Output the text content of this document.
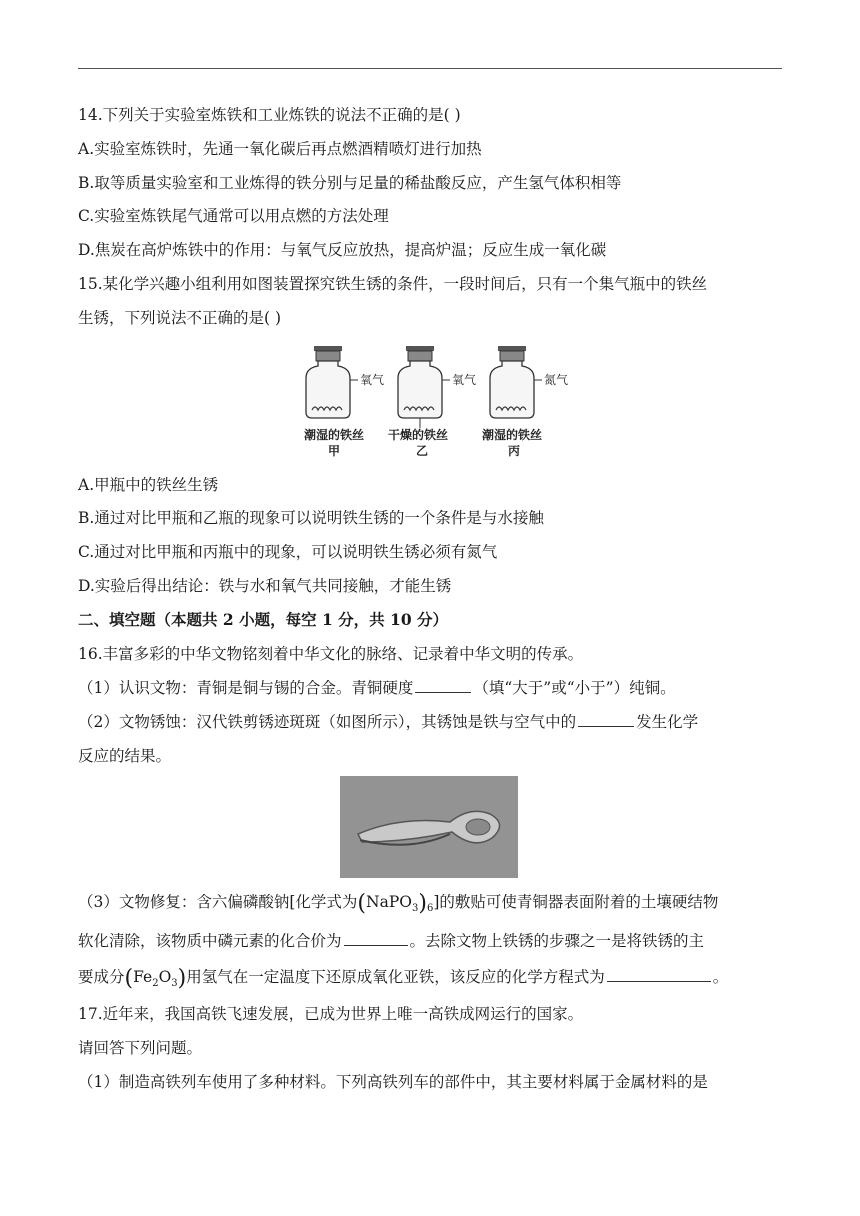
14.下列关于实验室炼铁和工业炼铁的说法不正确的是( )
A.实验室炼铁时，先通一氧化碳后再点燃酒精喷灯进行加热
B.取等质量实验室和工业炼得的铁分别与足量的稀盐酸反应，产生氢气体积相等
C.实验室炼铁尾气通常可以用点燃的方法处理
D.焦炭在高炉炼铁中的作用：与氧气反应放热，提高炉温；反应生成一氧化碳
15.某化学兴趣小组利用如图装置探究铁生锈的条件，一段时间后，只有一个集气瓶中的铁丝
生锈，下列说法不正确的是( )
氧气	氧气	氮气
潮湿的铁丝 干燥的铁丝	潮湿的铁丝
甲	乙	丙
A.甲瓶中的铁丝生锈
B.通过对比甲瓶和乙瓶的现象可以说明铁生锈的一个条件是与水接触
C.通过对比甲瓶和丙瓶中的现象，可以说明铁生锈必须有氮气
D.实验后得出结论：铁与水和氧气共同接触，才能生锈
二、填空题（本题共 2 小题，每空 1 分，共 10 分）
16.丰富多彩的中华文物铭刻着中华文化的脉络、记录着中华文明的传承。
（1）认识文物：青铜是铜与锡的合金。青铜硬度	（填“大于”或“小于”）纯铜。
（2）文物锈蚀：汉代铁剪锈迹斑斑（如图所示），其锈蚀是铁与空气中的	发生化学
反应的结果。
（3）文物修复：含六偏磷酸钠[化学式为$(NaPO_3)_6$]的敷贴可使青铜器表面附着的土壤硬结物
软化清除，该物质中磷元素的化合价为	。去除文物上铁锈的步骤之一是将铁锈的主
要成分$(Fe_2O_3)$用氢气在一定温度下还原成氧化亚铁，该反应的化学方程式为	。
17.近年来，我国高铁飞速发展，已成为世界上唯一高铁成网运行的国家。
请回答下列问题。
（1）制造高铁列车使用了多种材料。下列高铁列车的部件中，其主要材料属于金属材料的是
